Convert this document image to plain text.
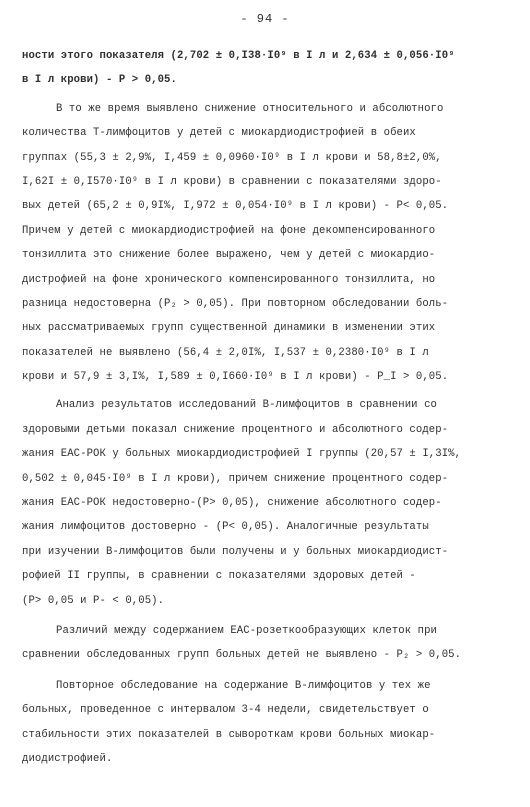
- 94 -
ности этого показателя (2,702 ± 0,I38·I0⁹ в I л и 2,634 ± 0,056·I0⁹
в I л крови) - P > 0,05.
В то же время выявлено снижение относительного и абсолютного
количества Т-лимфоцитов у детей с миокардиодистрофией в обеих
группах (55,3 ± 2,9%, I,459 ± 0,0960·I0⁹ в I л крови и 58,8±2,0%,
I,62I ± 0,I570·I0⁹ в I л крови) в сравнении с показателями здоро-
вых детей (65,2 ± 0,9I%, I,972 ± 0,054·I0⁹ в I л крови) - P< 0,05.
Причем у детей с миокардиодистрофией на фоне декомпенсированного
тонзиллита это снижение более выражено, чем у детей с миокардио-
дистрофией на фоне хронического компенсированного тонзиллита, но
разница недостоверна (P₂ > 0,05). При повторном обследовании боль-
ных рассматриваемых групп существенной динамики в изменении этих
показателей не выявлено (56,4 ± 2,0I%, I,537 ± 0,2380·I0⁹ в I л
крови и 57,9 ± 3,I%, I,589 ± 0,I660·I0⁹ в I л крови) - P_I > 0,05.
Анализ результатов исследований В-лимфоцитов в сравнении со
здоровыми детьми показал снижение процентного и абсолютного содер-
жания ЕАС-РОК у больных миокардиодистрофией I группы (20,57 ± I,3I%,
0,502 ± 0,045·I0⁹ в I л крови), причем снижение процентного содер-
жания ЕАС-РОК недостоверно-(P> 0,05), снижение абсолютного содер-
жания лимфоцитов достоверно - (P< 0,05). Аналогичные результаты
при изучении В-лимфоцитов были получены и у больных миокардиодист-
рофией II группы, в сравнении с показателями здоровых детей -
(P> 0,05 и P- < 0,05).
Различий между содержанием ЕАС-розеткообразующих клеток при
сравнении обследованных групп больных детей не выявлено - P₂ > 0,05.
Повторное обследование на содержание В-лимфоцитов у тех же
больных, проведенное с интервалом 3-4 недели, свидетельствует о
стабильности этих показателей в сывороткам крови больных миокар-
диодистрофией.
